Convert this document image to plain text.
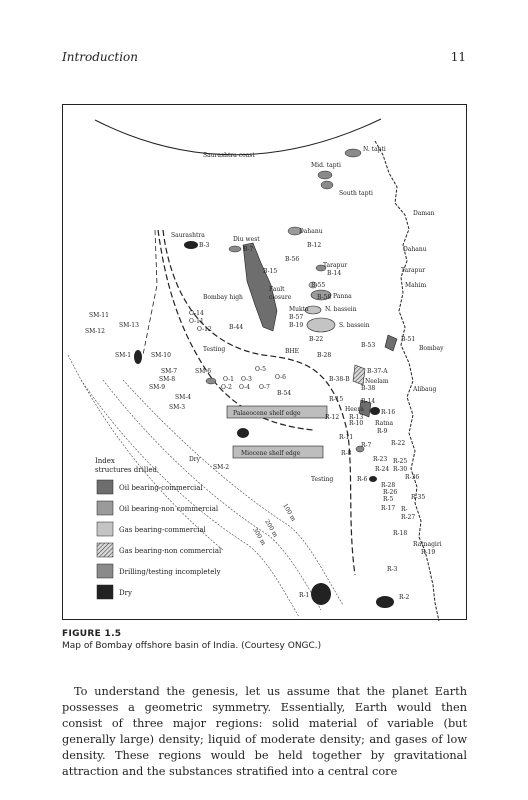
Introduction	11
Palaeocene shelf edge
Miocene shelf edge
Saurashtra coast
N. tapti
Mid. tapti
South tapti
Daman
Dahanu
Tarapur
Mahim
Bombay
Alibaug
Ratnagiri
Saurashtra
B-3
Diu west
B-7
Dahanu
B-12
B-56
Tarapur
B-14
B-15
B-55
Fault
closure	B-58 Panna
Bombay high
Mukta	N. bassein
B-57
B-19	S. bassein
SM-11
SM-13
SM-12
O-14
O-11
O-12	B-44
B-22	B-51
B-53
Testing	BHE
B-28
SM-1	SM-10
O-5
O-6
SM-7	SM-6
O-1 O-3
SM-8
SM-9	O-2 O-4 O-7
B-54
B-38-B
B-37-A
Neelam
B-38
SM-4
SM-3
R-15	R-14
Heera
R-13
R-16
R-12
R-10 Ratna
R-9
R-11
R-7	R-22
Dry
R-8
R-23 R-25
R-30
SM-2	R-24
Testing	R-6	R-36
R-28
R-26
R-5	R-35
R-17 R-
R-27
R-18
R-19
R-3
R-1	R-2
100 m
200 m
300 m
Index
structures drilled
Oil bearing-commercial
Oil bearing-non commercial
Gas bearing-commercial
Gas bearing-non commercial
Drilling/testing incompletely
Dry
FIGURE 1.5
Map of Bombay offshore basin of India. (Courtesy ONGC.)

To understand the genesis, let us assume that the planet Earth possesses a geometric symmetry. Essentially, Earth would then consist of three major regions: solid material of variable (but generally large) density; liquid of moderate density; and gases of low density. These regions would be held together by gravitational attraction and the substances stratified into a central core
